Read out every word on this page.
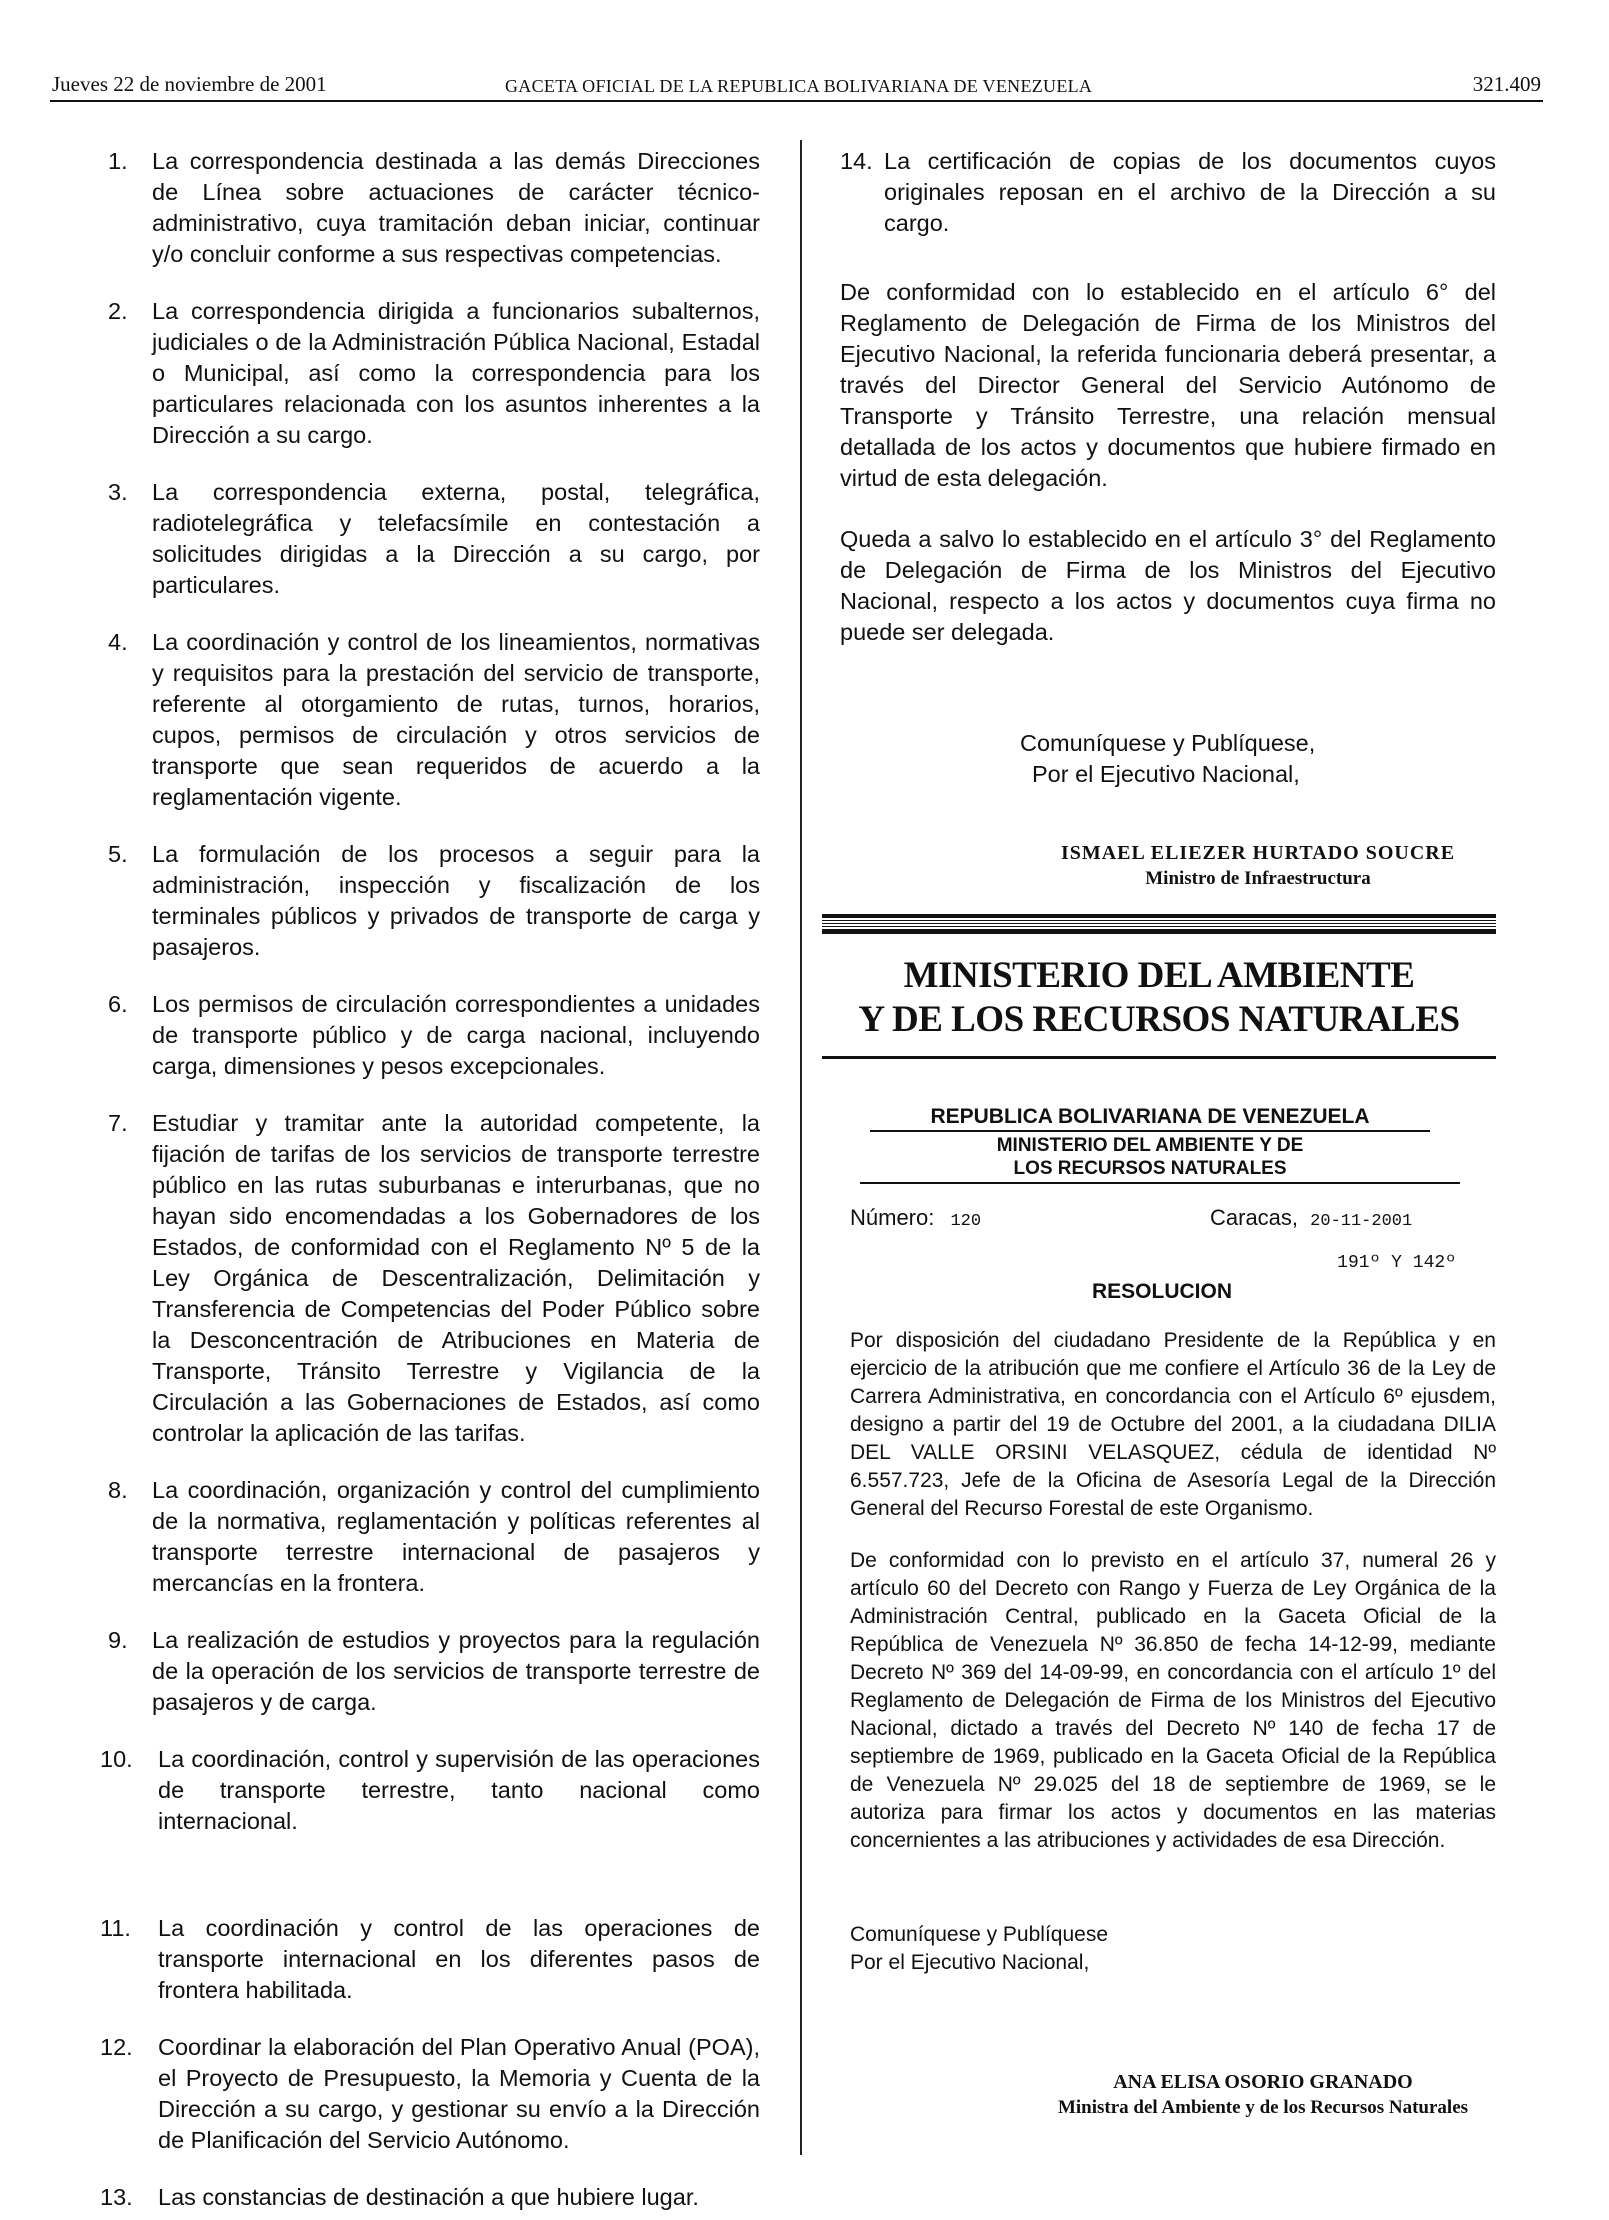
Jueves 22 de noviembre de 2001	GACETA OFICIAL DE LA REPUBLICA BOLIVARIANA DE VENEZUELA	321.409
1. La correspondencia destinada a las demás Direcciones de Línea sobre actuaciones de carácter técnico-administrativo, cuya tramitación deban iniciar, continuar y/o concluir conforme a sus respectivas competencias.
2. La correspondencia dirigida a funcionarios subalternos, judiciales o de la Administración Pública Nacional, Estadal o Municipal, así como la correspondencia para los particulares relacionada con los asuntos inherentes a la Dirección a su cargo.
3. La correspondencia externa, postal, telegráfica, radiotelegráfica y telefacsímile en contestación a solicitudes dirigidas a la Dirección a su cargo, por particulares.
4. La coordinación y control de los lineamientos, normativas y requisitos para la prestación del servicio de transporte, referente al otorgamiento de rutas, turnos, horarios, cupos, permisos de circulación y otros servicios de transporte que sean requeridos de acuerdo a la reglamentación vigente.
5. La formulación de los procesos a seguir para la administración, inspección y fiscalización de los terminales públicos y privados de transporte de carga y pasajeros.
6. Los permisos de circulación correspondientes a unidades de transporte público y de carga nacional, incluyendo carga, dimensiones y pesos excepcionales.
7. Estudiar y tramitar ante la autoridad competente, la fijación de tarifas de los servicios de transporte terrestre público en las rutas suburbanas e interurbanas, que no hayan sido encomendadas a los Gobernadores de los Estados, de conformidad con el Reglamento Nº 5 de la Ley Orgánica de Descentralización, Delimitación y Transferencia de Competencias del Poder Público sobre la Desconcentración de Atribuciones en Materia de Transporte, Tránsito Terrestre y Vigilancia de la Circulación a las Gobernaciones de Estados, así como controlar la aplicación de las tarifas.
8. La coordinación, organización y control del cumplimiento de la normativa, reglamentación y políticas referentes al transporte terrestre internacional de pasajeros y mercancías en la frontera.
9. La realización de estudios y proyectos para la regulación de la operación de los servicios de transporte terrestre de pasajeros y de carga.
10. La coordinación, control y supervisión de las operaciones de transporte terrestre, tanto nacional como internacional.
11. La coordinación y control de las operaciones de transporte internacional en los diferentes pasos de frontera habilitada.
12. Coordinar la elaboración del Plan Operativo Anual (POA), el Proyecto de Presupuesto, la Memoria y Cuenta de la Dirección a su cargo, y gestionar su envío a la Dirección de Planificación del Servicio Autónomo.
13. Las constancias de destinación a que hubiere lugar.
14. La certificación de copias de los documentos cuyos originales reposan en el archivo de la Dirección a su cargo.
De conformidad con lo establecido en el artículo 6° del Reglamento de Delegación de Firma de los Ministros del Ejecutivo Nacional, la referida funcionaria deberá presentar, a través del Director General del Servicio Autónomo de Transporte y Tránsito Terrestre, una relación mensual detallada de los actos y documentos que hubiere firmado en virtud de esta delegación.
Queda a salvo lo establecido en el artículo 3° del Reglamento de Delegación de Firma de los Ministros del Ejecutivo Nacional, respecto a los actos y documentos cuya firma no puede ser delegada.
Comuníquese y Publíquese,
Por el Ejecutivo Nacional,
ISMAEL ELIEZER HURTADO SOUCRE
Ministro de Infraestructura
MINISTERIO DEL AMBIENTE
Y DE LOS RECURSOS NATURALES
REPUBLICA BOLIVARIANA DE VENEZUELA
MINISTERIO DEL AMBIENTE Y DE
LOS RECURSOS NATURALES
Número: 120	Caracas, 20-11-2001
191º Y 142º
RESOLUCION
Por disposición del ciudadano Presidente de la República y en ejercicio de la atribución que me confiere el Artículo 36 de la Ley de Carrera Administrativa, en concordancia con el Artículo 6º ejusdem, designo a partir del 19 de Octubre del 2001, a la ciudadana DILIA DEL VALLE ORSINI VELASQUEZ, cédula de identidad Nº 6.557.723, Jefe de la Oficina de Asesoría Legal de la Dirección General del Recurso Forestal de este Organismo.
De conformidad con lo previsto en el artículo 37, numeral 26 y artículo 60 del Decreto con Rango y Fuerza de Ley Orgánica de la Administración Central, publicado en la Gaceta Oficial de la República de Venezuela Nº 36.850 de fecha 14-12-99, mediante Decreto Nº 369 del 14-09-99, en concordancia con el artículo 1º del Reglamento de Delegación de Firma de los Ministros del Ejecutivo Nacional, dictado a través del Decreto Nº 140 de fecha 17 de septiembre de 1969, publicado en la Gaceta Oficial de la República de Venezuela Nº 29.025 del 18 de septiembre de 1969, se le autoriza para firmar los actos y documentos en las materias concernientes a las atribuciones y actividades de esa Dirección.
Comuníquese y Publíquese
Por el Ejecutivo Nacional,
ANA ELISA OSORIO GRANADO
Ministra del Ambiente y de los Recursos Naturales
